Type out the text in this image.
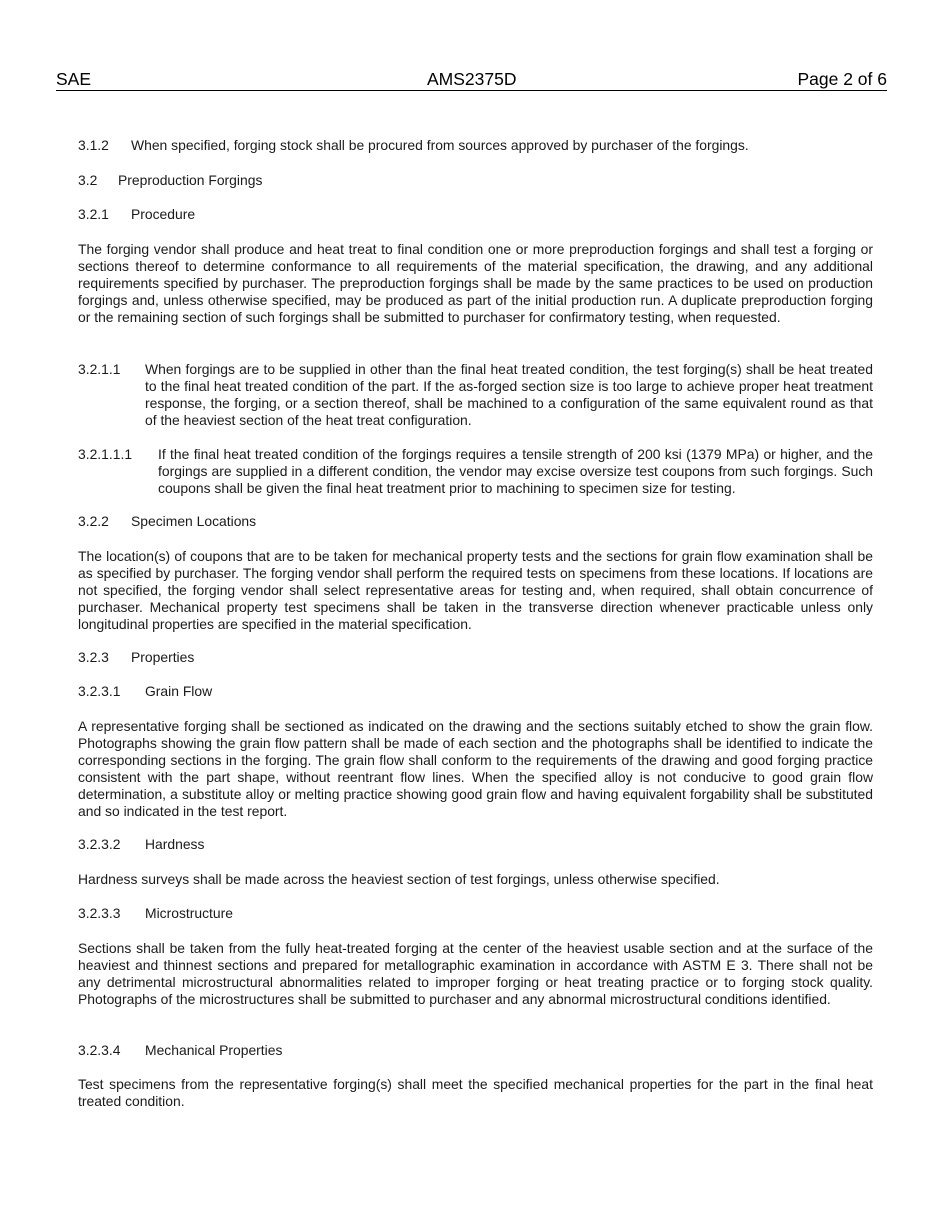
SAE	AMS2375D	Page 2 of 6
3.1.2 When specified, forging stock shall be procured from sources approved by purchaser of the forgings.
3.2 Preproduction Forgings
3.2.1 Procedure
The forging vendor shall produce and heat treat to final condition one or more preproduction forgings and shall test a forging or sections thereof to determine conformance to all requirements of the material specification, the drawing, and any additional requirements specified by purchaser. The preproduction forgings shall be made by the same practices to be used on production forgings and, unless otherwise specified, may be produced as part of the initial production run. A duplicate preproduction forging or the remaining section of such forgings shall be submitted to purchaser for confirmatory testing, when requested.
3.2.1.1	When forgings are to be supplied in other than the final heat treated condition, the test forging(s) shall be heat treated to the final heat treated condition of the part. If the as-forged section size is too large to achieve proper heat treatment response, the forging, or a section thereof, shall be machined to a configuration of the same equivalent round as that of the heaviest section of the heat treat configuration.
3.2.1.1.1	If the final heat treated condition of the forgings requires a tensile strength of 200 ksi (1379 MPa) or higher, and the forgings are supplied in a different condition, the vendor may excise oversize test coupons from such forgings. Such coupons shall be given the final heat treatment prior to machining to specimen size for testing.
3.2.2 Specimen Locations
The location(s) of coupons that are to be taken for mechanical property tests and the sections for grain flow examination shall be as specified by purchaser. The forging vendor shall perform the required tests on specimens from these locations. If locations are not specified, the forging vendor shall select representative areas for testing and, when required, shall obtain concurrence of purchaser. Mechanical property test specimens shall be taken in the transverse direction whenever practicable unless only longitudinal properties are specified in the material specification.
3.2.3 Properties
3.2.3.1 Grain Flow
A representative forging shall be sectioned as indicated on the drawing and the sections suitably etched to show the grain flow. Photographs showing the grain flow pattern shall be made of each section and the photographs shall be identified to indicate the corresponding sections in the forging. The grain flow shall conform to the requirements of the drawing and good forging practice consistent with the part shape, without reentrant flow lines. When the specified alloy is not conducive to good grain flow determination, a substitute alloy or melting practice showing good grain flow and having equivalent forgability shall be substituted and so indicated in the test report.
3.2.3.2 Hardness
Hardness surveys shall be made across the heaviest section of test forgings, unless otherwise specified.
3.2.3.3 Microstructure
Sections shall be taken from the fully heat-treated forging at the center of the heaviest usable section and at the surface of the heaviest and thinnest sections and prepared for metallographic examination in accordance with ASTM E 3. There shall not be any detrimental microstructural abnormalities related to improper forging or heat treating practice or to forging stock quality. Photographs of the microstructures shall be submitted to purchaser and any abnormal microstructural conditions identified.
3.2.3.4 Mechanical Properties
Test specimens from the representative forging(s) shall meet the specified mechanical properties for the part in the final heat treated condition.
